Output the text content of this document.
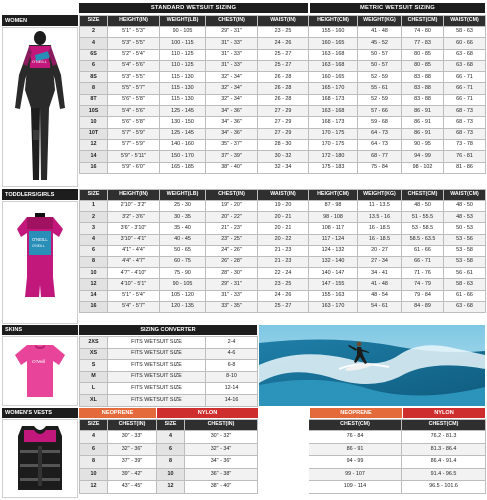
STANDARD WETSUIT SIZING	METRIC WETSUIT SIZING
WOMEN
O'NEILL
SIZE	HEIGHT(IN)	WEIGHT(LB)	CHEST(IN)	WAIST(IN)	HEIGHT(CM)	WEIGHT(KG)	CHEST(CM)	WAIST(CM)
2	5'1" - 5'3"	90 - 105	29" - 31"	23 - 25	155 - 160	41 - 48	74 - 80	58 - 63
4	5'3" - 5'5"	100 - 115	31" - 33"	24 - 26	160 - 165	45 - 52	77 - 83	60 - 66
6S	5'2" - 5'4"	110 - 125	31" - 33"	25 - 27	163 - 168	50 - 57	80 - 85	63 - 68
6	5'4" - 5'6"	110 - 125	31" - 33"	25 - 27	163 - 168	50 - 57	80 - 85	63 - 68
8S	5'3" - 5'5"	115 - 130	32" - 34"	26 - 28	160 - 165	52 - 59	83 - 88	66 - 71
8	5'5" - 5'7"	115 - 130	32" - 34"	26 - 28	165 - 170	55 - 61	83 - 88	66 - 71
8T	5'6" - 5'8"	115 - 130	32" - 34"	26 - 28	168 - 173	52 - 59	83 - 88	66 - 71
10S	5'4" - 5'6"	125 - 145	34" - 36"	27 - 29	163 - 168	57 - 66	86 - 91	68 - 73
10	5'6" - 5'8"	130 - 150	34" - 36"	27 - 29	168 - 173	59 - 68	86 - 91	68 - 73
10T	5'7" - 5'9"	125 - 145	34" - 36"	27 - 29	170 - 175	64 - 73	86 - 91	68 - 73
12	5'7" - 5'9"	140 - 160	35" - 37"	28 - 30	170 - 175	64 - 73	90 - 95	73 - 78
14	5'9" - 5'11"	150 - 170	37" - 39"	30 - 32	172 - 180	68 - 77	94 - 99	76 - 81
16	5'9" - 6'0"	165 - 185	38" - 40"	32 - 34	175 - 183	75 - 84	98 - 102	81 - 86
TODDLERS/GIRLS
O'NEILL
O'NEILL
SIZE	HEIGHT(IN)	WEIGHT(LB)	CHEST(IN)	WAIST(IN)	HEIGHT(CM)	WEIGHT(KG)	CHEST(CM)	WAIST(CM)
1	2'10" - 3'2"	25 - 30	19" - 20"	19 - 20	87 - 98	11 - 13.5	48 - 50	48 - 50
2	3'2" - 3'6"	30 - 35	20" - 22"	20 - 21	98 - 108	13.5 - 16	51 - 55.5	48 - 53
3	3'6" - 3'10"	35 - 40	21" - 23"	20 - 21	108 - 117	16 - 18.5	53 - 58.5	50 - 53
4	3'10" - 4'1"	40 - 45	23" - 25"	20 - 22	117 - 124	16 - 18.5	58.5 - 63.5	53 - 56
6	4'1" - 4'4"	50 - 65	24" - 26"	21 - 23	124 - 132	20 - 27	61 - 66	53 - 58
8	4'4" - 4'7"	60 - 75	26" - 28"	21 - 23	132 - 140	27 - 34	66 - 71	53 - 58
10	4'7" - 4'10"	75 - 90	28" - 30"	22 - 24	140 - 147	34 - 41	71 - 76	56 - 61
12	4'10" - 5'1"	90 - 105	29" - 31"	23 - 25	147 - 155	41 - 48	74 - 79	58 - 63
14	5'1" - 5'4"	105 - 120	31" - 33"	24 - 26	155 - 163	48 - 54	79 - 84	61 - 66
16	5'4" - 5'7"	120 - 135	33" - 35"	25 - 27	163 - 170	54 - 61	84 - 89	63 - 68
SKINS
O'Neill
SIZING CONVERTER
2XS	FITS WETSUIT SIZE	2-4
XS	FITS WETSUIT SIZE	4-6
S	FITS WETSUIT SIZE	6-8
M	FITS WETSUIT SIZE	8-10
L	FITS WETSUIT SIZE	12-14
XL	FITS WETSUIT SIZE	14-16
WOMEN'S VESTS	NEOPRENE	NYLON	NEOPRENE	NYLON
SIZE	CHEST(IN)	SIZE	CHEST(IN)		CHEST(CM)	CHEST(CM)
4	30" - 33"	4	30" - 32"		76 - 84	76.2 - 81.3
6	32" - 36"	6	32" - 34"		86 - 91	81.3 - 86.4
8	37" - 39"	8	34" - 36"		94 - 99	86.4 - 91.4
10	39" - 42"	10	36" - 38"		99 - 107	91.4 - 96.5
12	43" - 45"	12	38" - 40"		109 - 114	96.5 - 101.6
